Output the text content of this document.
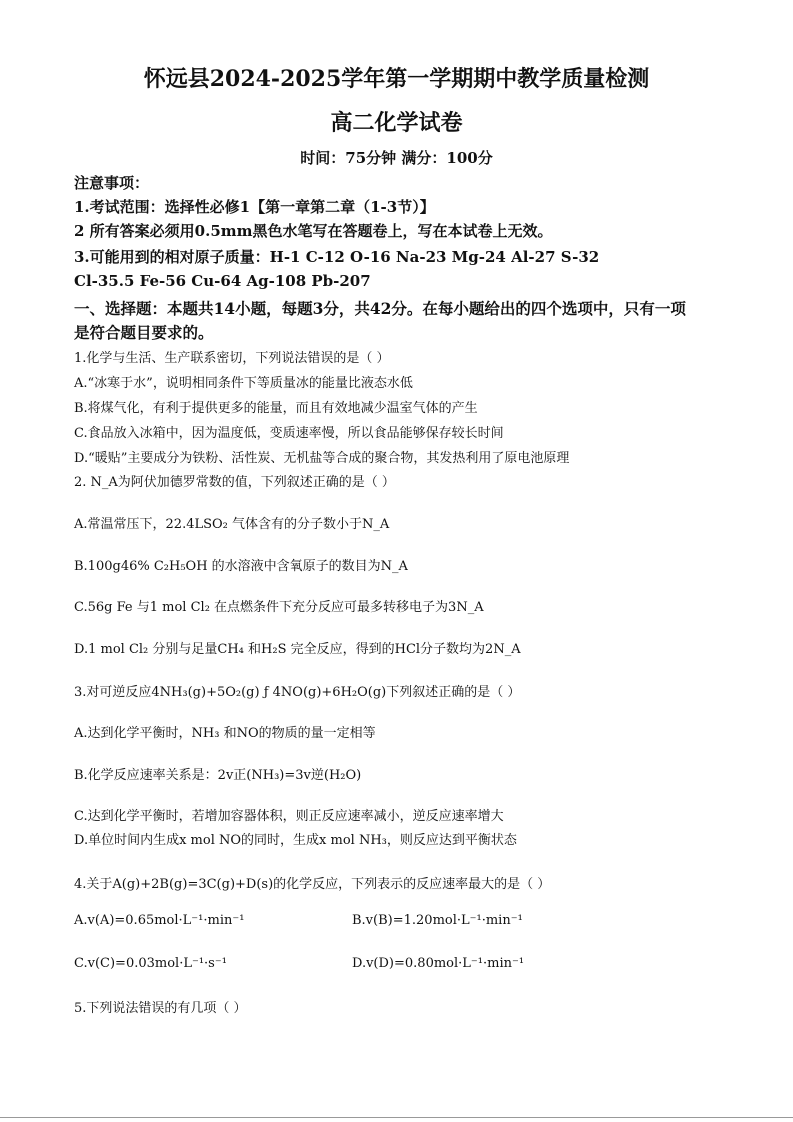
怀远县2024-2025学年第一学期期中教学质量检测
高二化学试卷
时间：75分钟 满分：100分
注意事项：
1.考试范围：选择性必修1【第一章第二章（1-3节）】
2 所有答案必须用0.5mm黑色水笔写在答题卷上，写在本试卷上无效。
3.可能用到的相对原子质量：H-1 C-12 O-16 Na-23 Mg-24 Al-27 S-32
Cl-35.5 Fe-56 Cu-64 Ag-108 Pb-207
一、选择题：本题共14小题，每题3分，共42分。在每小题给出的四个选项中，只有一项
是符合题目要求的。
1.化学与生活、生产联系密切，下列说法错误的是（ ）
A.“冰寒于水”，说明相同条件下等质量冰的能量比液态水低
B.将煤气化，有利于提供更多的能量，而且有效地减少温室气体的产生
C.食品放入冰箱中，因为温度低，变质速率慢，所以食品能够保存较长时间
D.“暖贴”主要成分为铁粉、活性炭、无机盐等合成的聚合物，其发热利用了原电池原理
2. N_A为阿伏加德罗常数的值，下列叙述正确的是（ ）
A.常温常压下，22.4LSO₂ 气体含有的分子数小于N_A
B.100g46% C₂H₅OH 的水溶液中含氧原子的数目为N_A
C.56g Fe 与1 mol Cl₂ 在点燃条件下充分反应可最多转移电子为3N_A
D.1 mol Cl₂ 分别与足量CH₄ 和H₂S 完全反应，得到的HCl分子数均为2N_A
3.对可逆反应4NH₃(g)+5O₂(g) ƒ 4NO(g)+6H₂O(g)下列叙述正确的是（ ）
A.达到化学平衡时，NH₃ 和NO的物质的量一定相等
B.化学反应速率关系是：2v正(NH₃)=3v逆(H₂O)
C.达到化学平衡时，若增加容器体积，则正反应速率减小，逆反应速率增大
D.单位时间内生成x mol NO的同时，生成x mol NH₃，则反应达到平衡状态
4.关于A(g)+2B(g)=3C(g)+D(s)的化学反应，下列表示的反应速率最大的是（ ）
A.v(A)=0.65mol·L⁻¹·min⁻¹	B.v(B)=1.20mol·L⁻¹·min⁻¹
C.v(C)=0.03mol·L⁻¹·s⁻¹	D.v(D)=0.80mol·L⁻¹·min⁻¹
5.下列说法错误的有几项（ ）
